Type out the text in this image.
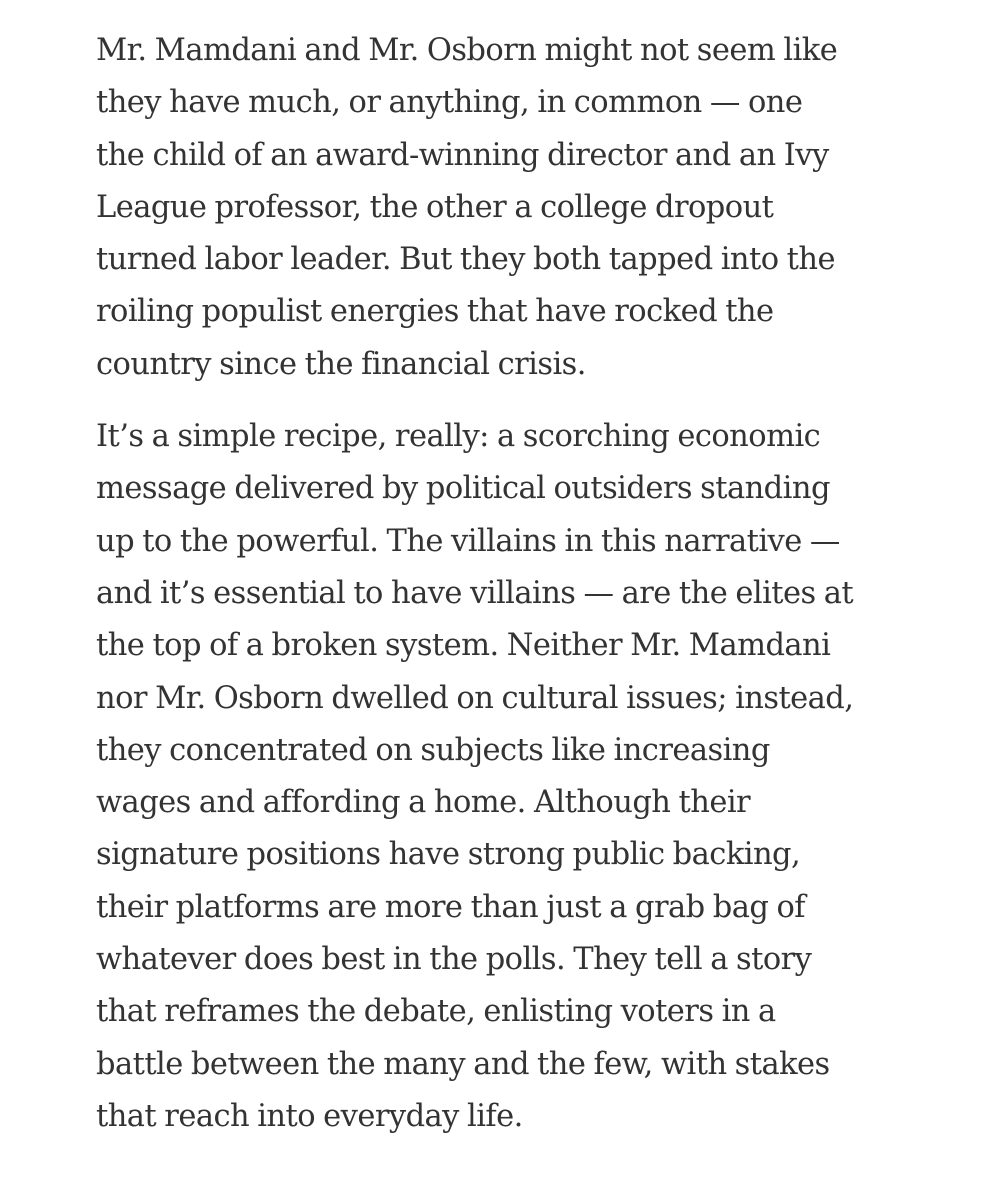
Mr. Mamdani and Mr. Osborn might not seem like
they have much, or anything, in common — one
the child of an award-winning director and an Ivy
League professor, the other a college dropout
turned labor leader. But they both tapped into the
roiling populist energies that have rocked the
country since the financial crisis.

It’s a simple recipe, really: a scorching economic
message delivered by political outsiders standing
up to the powerful. The villains in this narrative —
and it’s essential to have villains — are the elites at
the top of a broken system. Neither Mr. Mamdani
nor Mr. Osborn dwelled on cultural issues; instead,
they concentrated on subjects like increasing
wages and affording a home. Although their
signature positions have strong public backing,
their platforms are more than just a grab bag of
whatever does best in the polls. They tell a story
that reframes the debate, enlisting voters in a
battle between the many and the few, with stakes
that reach into everyday life.
